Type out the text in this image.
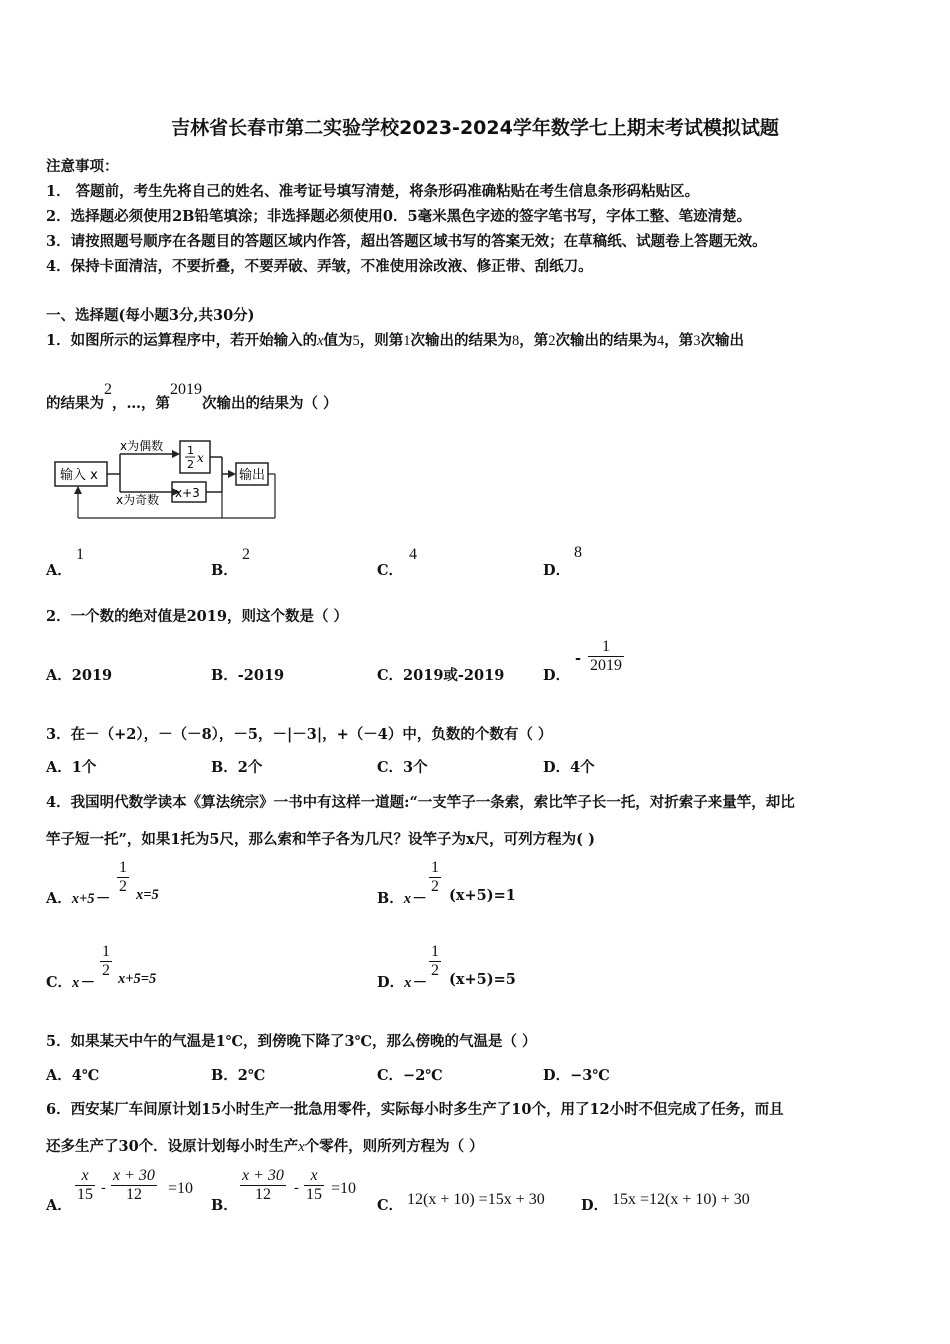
吉林省长春市第二实验学校2023-2024学年数学七上期末考试模拟试题
注意事项：
1． 答题前，考生先将自己的姓名、准考证号填写清楚，将条形码准确粘贴在考生信息条形码粘贴区。
2．选择题必须使用2B铅笔填涂；非选择题必须使用0．5毫米黑色字迹的签字笔书写，字体工整、笔迹清楚。
3．请按照题号顺序在各题目的答题区域内作答，超出答题区域书写的答案无效；在草稿纸、试题卷上答题无效。
4．保持卡面清洁，不要折叠，不要弄破、弄皱，不准使用涂改液、修正带、刮纸刀。
一、选择题(每小题3分,共30分)
1．如图所示的运算程序中，若开始输入的x值为5，则第1次输出的结果为8，第2次输出的结果为4，第3次输出
的结果为2，…，第2019次输出的结果为（ ）
输入 x
x为偶数
x为奇数
1
2 x
x+3
输出
A．
1
B．
2
C．
4
D．
8
2．一个数的绝对值是2019，则这个数是（ ）
A．2019	B．-2019	C．2019或-2019	D．
- $\frac{1}{2019}$
3．在－（+2），－（－8），－5，－|－3|，+（－4）中，负数的个数有（ ）
A．1个	B．2个	C．3个	D．4个
4．我国明代数学读本《算法统宗》一书中有这样一道题:“一支竿子一条索，索比竿子长一托，对折索子来量竿，却比
竿子短一托”，如果1托为5尺，那么索和竿子各为几尺？设竿子为x尺，可列方程为( )
A．x+5－
$\frac{1}{2} x=5$	B．x－
$\frac{1}{2} (x+5)=1$
C．x－
$\frac{1}{2} x+5=5$	D．x－
$\frac{1}{2} (x+5)=5$
5．如果某天中午的气温是1℃，到傍晚下降了3℃，那么傍晚的气温是（ ）
A．4℃	B．2℃	C．−2℃	D．−3℃
6．西安某厂车间原计划15小时生产一批急用零件，实际每小时多生产了10个，用了12小时不但完成了任务，而且
还多生产了30个．设原计划每小时生产x个零件，则所列方程为（ ）
A．
$\frac{x}{15} - \frac{x + 30}{12} =10$
B．
$\frac{x + 30}{12} - \frac{x}{15} =10$
C． 12(x + 10) =15x + 30	D． 15x =12(x + 10) + 30
